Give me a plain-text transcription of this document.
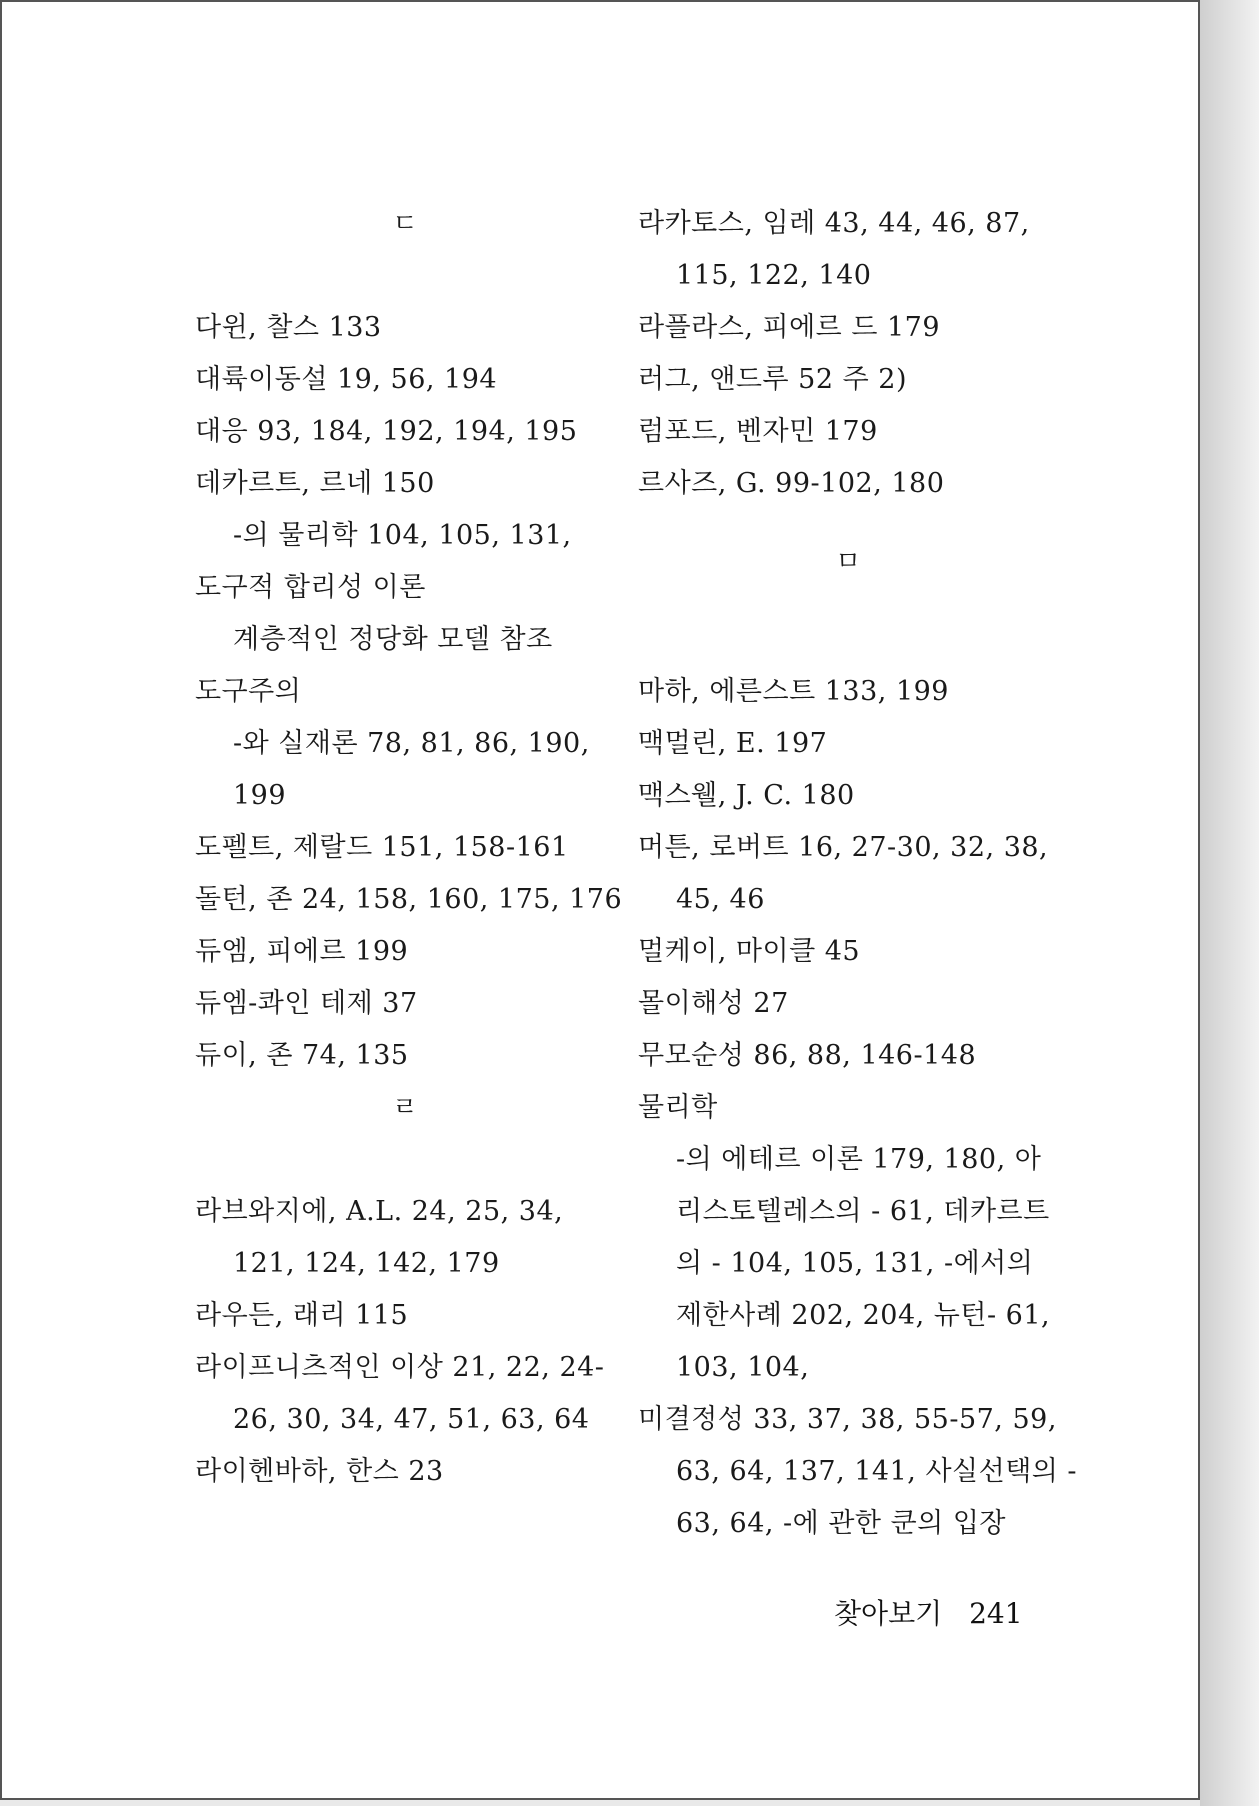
ㄷ
다윈, 찰스 133
대륙이동설 19, 56, 194
대응 93, 184, 192, 194, 195
데카르트, 르네 150
-의 물리학 104, 105, 131,
도구적 합리성 이론
계층적인 정당화 모델 참조
도구주의
-와 실재론 78, 81, 86, 190,
199
도펠트, 제랄드 151, 158-161
돌턴, 존 24, 158, 160, 175, 176
듀엠, 피에르 199
듀엠-콰인 테제 37
듀이, 존 74, 135
ㄹ
라브와지에, A.L. 24, 25, 34,
121, 124, 142, 179
라우든, 래리 115
라이프니츠적인 이상 21, 22, 24-
26, 30, 34, 47, 51, 63, 64
라이헨바하, 한스 23
라카토스, 임레 43, 44, 46, 87,
115, 122, 140
라플라스, 피에르 드 179
러그, 앤드루 52 주 2)
럼포드, 벤자민 179
르사즈, G. 99-102, 180
ㅁ
마하, 에른스트 133, 199
맥멀린, E. 197
맥스웰, J. C. 180
머튼, 로버트 16, 27-30, 32, 38,
45, 46
멀케이, 마이클 45
몰이해성 27
무모순성 86, 88, 146-148
물리학
-의 에테르 이론 179, 180, 아
리스토텔레스의 - 61, 데카르트
의 - 104, 105, 131, -에서의
제한사례 202, 204, 뉴턴- 61,
103, 104,
미결정성 33, 37, 38, 55-57, 59,
63, 64, 137, 141, 사실선택의 -
63, 64, -에 관한 쿤의 입장
찾아보기 241
